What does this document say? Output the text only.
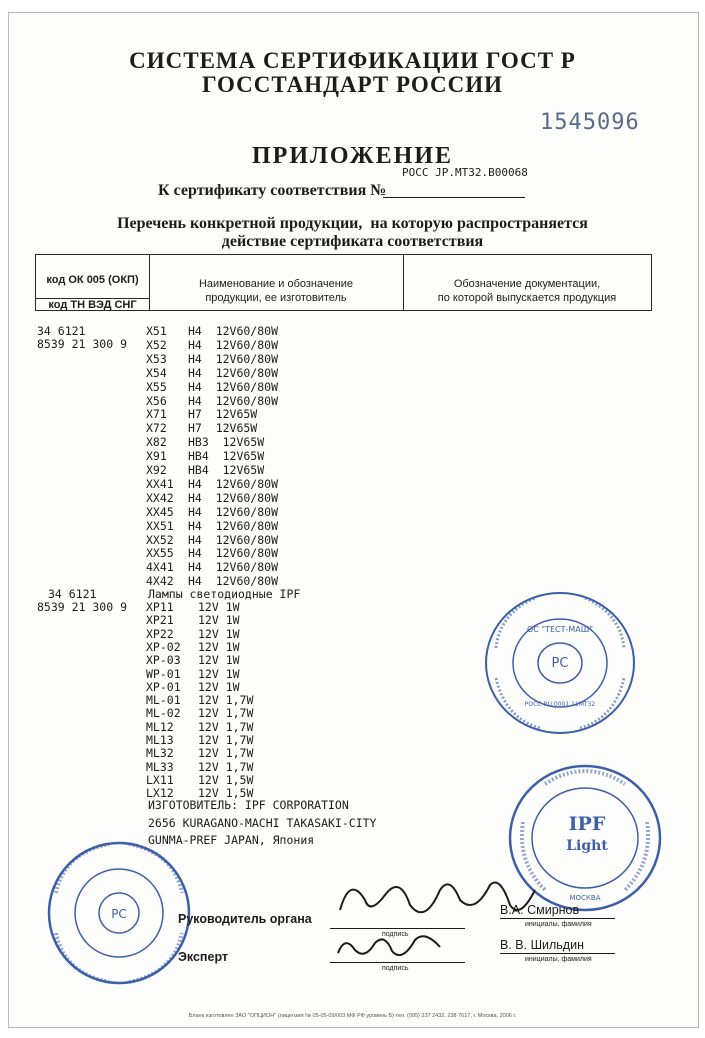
СИСТЕМА СЕРТИФИКАЦИИ ГОСТ Р
ГОССТАНДАРТ РОССИИ
1545096
ПРИЛОЖЕНИЕ
РОСС JP.МТ32.В00068
К сертификату соответствия №
Перечень конкретной продукции,  на которую распространяется
действие сертификата соответствия
код ОК 005 (ОКП)
код ТН ВЭД СНГ
Наименование и обозначение
продукции, ее изготовитель
Обозначение документации,
по которой выпускается продукция
34 6121
8539 21 300 9
X51 H4  12V60/80W
X52 H4  12V60/80W
X53 H4  12V60/80W
X54 H4  12V60/80W
X55 H4  12V60/80W
X56 H4  12V60/80W
X71 H7  12V65W
X72 H7  12V65W
X82 HB3  12V65W
X91 HB4  12V65W
X92 HB4  12V65W
XX41 H4  12V60/80W
XX42 H4  12V60/80W
XX45 H4  12V60/80W
XX51 H4  12V60/80W
XX52 H4  12V60/80W
XX55 H4  12V60/80W
4X41 H4  12V60/80W
4X42 H4  12V60/80W
34 6121	Лампы светодиодные IPF
8539 21 300 9 XP11 12V 1W
XP21 12V 1W
XP22 12V 1W
XP-02 12V 1W
XP-03 12V 1W
WP-01 12V 1W
XP-01 12V 1W
ML-01 12V 1,7W
ML-02 12V 1,7W
ML12 12V 1,7W
ML13 12V 1,7W
ML32 12V 1,7W
ML33 12V 1,7W
LX11 12V 1,5W
LX12 12V 1,5W
ИЗГОТОВИТЕЛЬ: IPF CORPORATION
2656 KURAGANO-MACHI TAKASAKI-CITY
GUNMA-PREF JAPAN, Япония
РС
ОС "ТЕСТ-МАШ"
РОСС RU.0001.11МТ32
IPF
Light
МОСКВА
РС	Руководитель органа
подпись
В.А. Смирнов
инициалы, фамилия
Эксперт
подпись
В. В. Шильдин
инициалы, фамилия
Бланк изготовлен ЗАО "ОПЦИОН" (лицензия № 05-05-09/003 МФ РФ уровень Б) тел. (095) 237 2432, 238 7617, г. Москва, 2006 г.
